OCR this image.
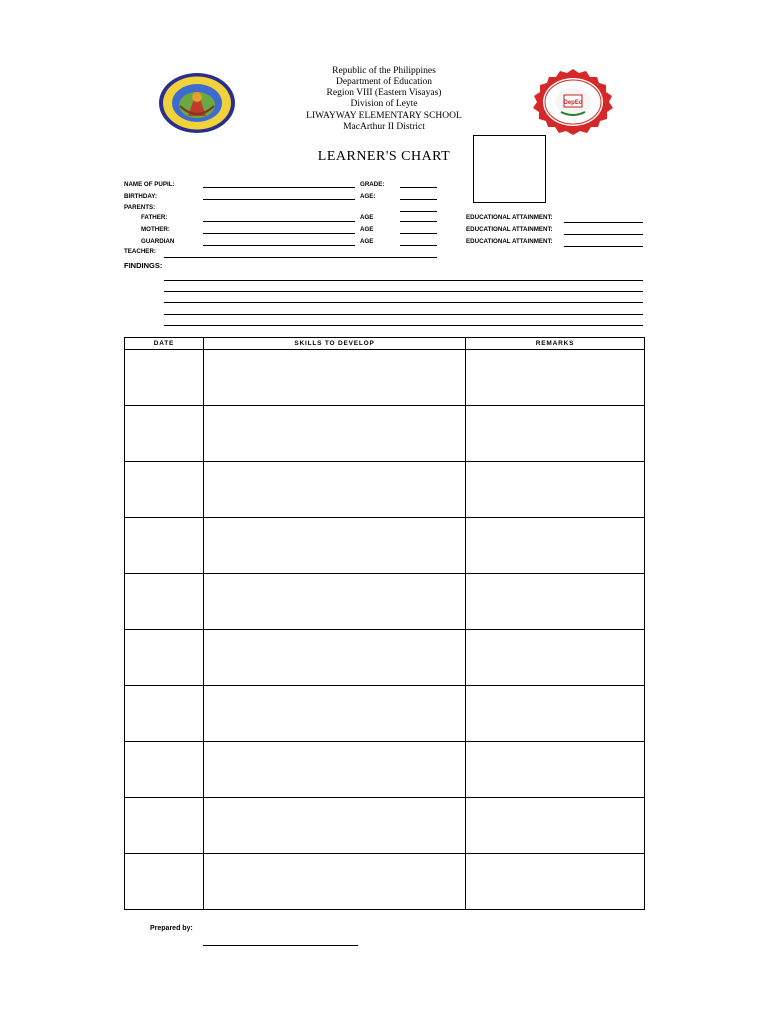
DepEd
Republic of the Philippines
Department of Education
Region VIII (Eastern Visayas)
Division of Leyte
LIWAYWAY ELEMENTARY SCHOOL
MacArthur II District
LEARNER'S CHART
NAME OF PUPIL:	GRADE:
BIRTHDAY:	AGE:
PARENTS:
FATHER:	AGE	EDUCATIONAL ATTAINMENT:
MOTHER:	AGE	EDUCATIONAL ATTAINMENT:
GUARDIAN	AGE	EDUCATIONAL ATTAINMENT:
TEACHER:
FINDINGS:
DATE	SKILLS TO DEVELOP	REMARKS

Prepared by:
